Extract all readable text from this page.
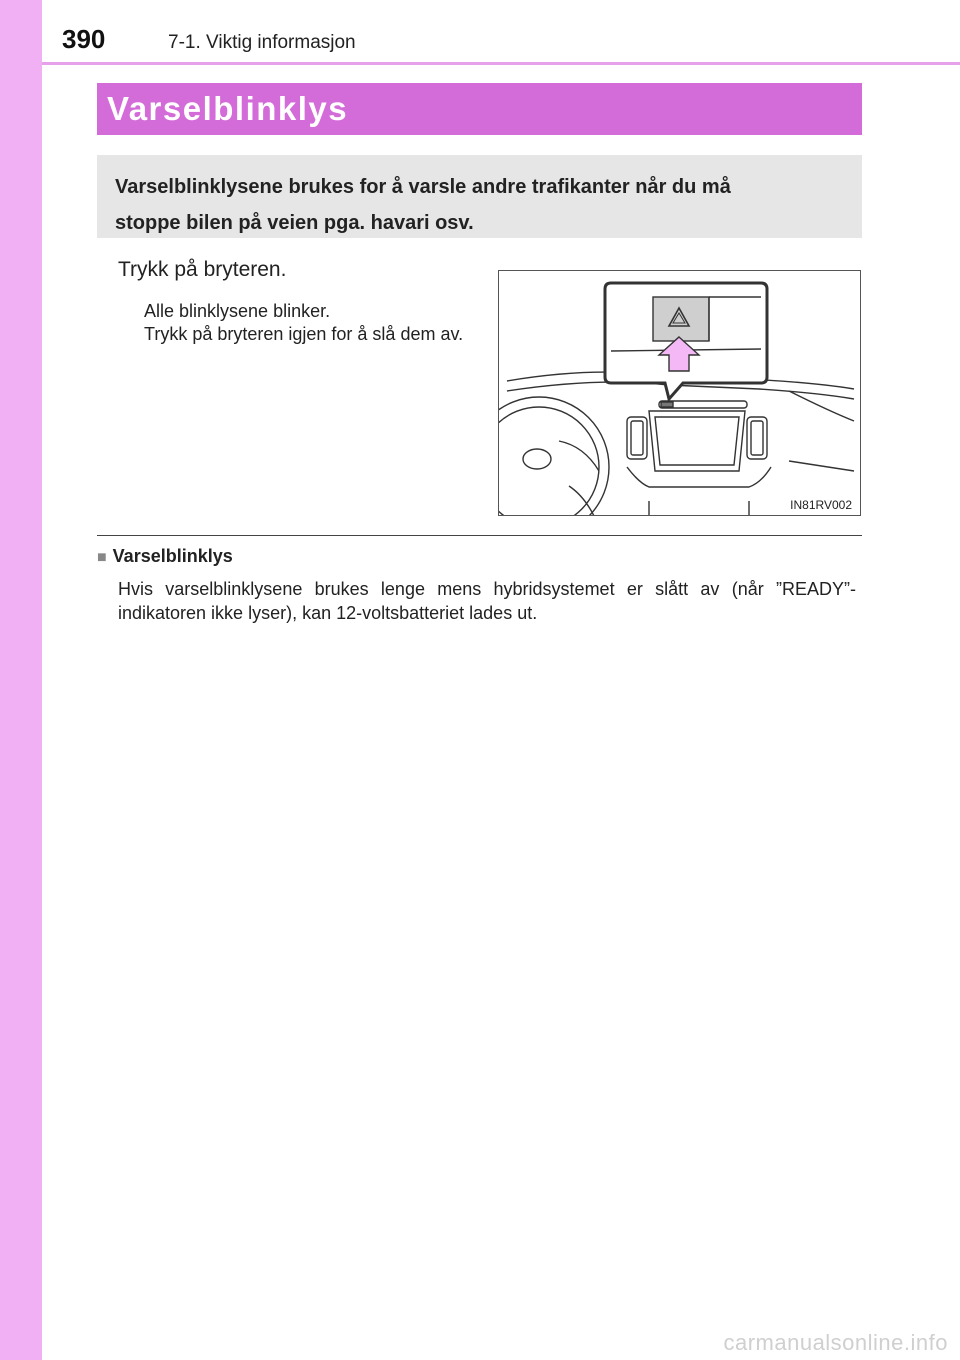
390	7-1. Viktig informasjon
Varselblinklys
Varselblinklysene brukes for å varsle andre trafikanter når du må
stoppe bilen på veien pga. havari osv.
Trykk på bryteren.

Alle blinklysene blinker.

Trykk på bryteren igjen for å slå dem av.

IN81RV002
■ Varselblinklys
Hvis varselblinklysene brukes lenge mens hybridsystemet er slått av (når ”READY”-indikatoren ikke lyser), kan 12-voltsbatteriet lades ut.
carmanualsonline.info
